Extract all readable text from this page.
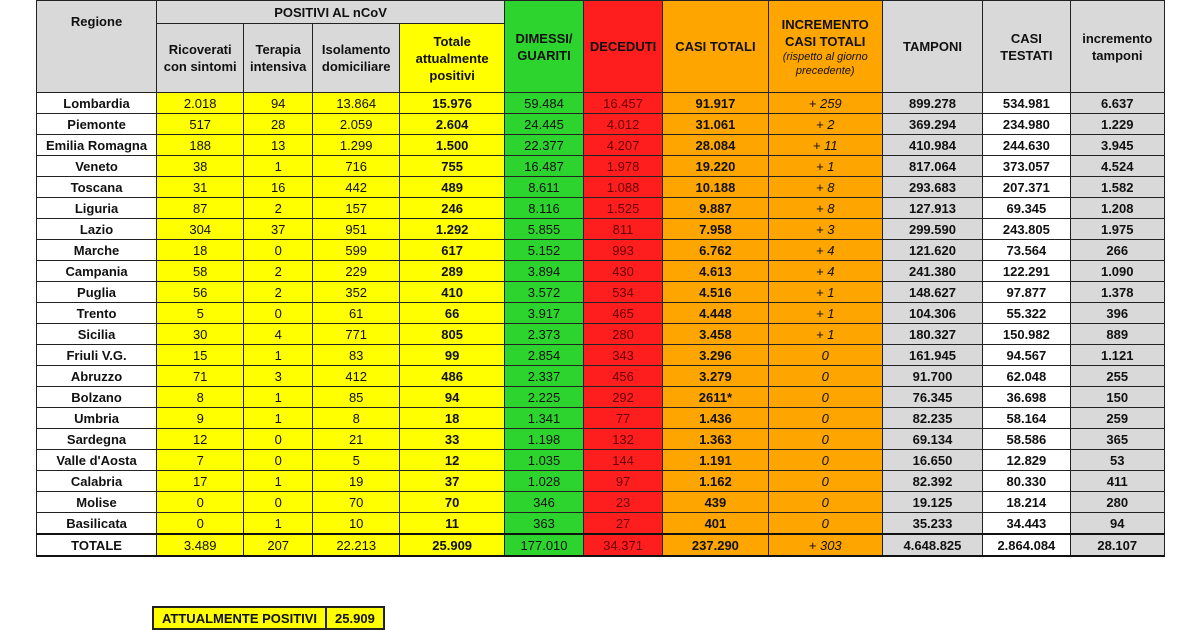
Regione	POSITIVI AL nCoV				DIMESSI/ GUARITI	DECEDUTI	CASI TOTALI	INCREMENTO CASI TOTALI
(rispetto al giorno precedente)	TAMPONI	CASI TESTATI	incremento tamponi
	Ricoverati con sintomi	Terapia intensiva	Isolamento domiciliare	Totale attualmente positivi							
Lombardia	2.018	94	13.864	15.976	59.484	16.457	91.917	+ 259	899.278	534.981	6.637
Piemonte	517	28	2.059	2.604	24.445	4.012	31.061	+ 2	369.294	234.980	1.229
Emilia Romagna	188	13	1.299	1.500	22.377	4.207	28.084	+ 11	410.984	244.630	3.945
Veneto	38	1	716	755	16.487	1.978	19.220	+ 1	817.064	373.057	4.524
Toscana	31	16	442	489	8.611	1.088	10.188	+ 8	293.683	207.371	1.582
Liguria	87	2	157	246	8.116	1.525	9.887	+ 8	127.913	69.345	1.208
Lazio	304	37	951	1.292	5.855	811	7.958	+ 3	299.590	243.805	1.975
Marche	18	0	599	617	5.152	993	6.762	+ 4	121.620	73.564	266
Campania	58	2	229	289	3.894	430	4.613	+ 4	241.380	122.291	1.090
Puglia	56	2	352	410	3.572	534	4.516	+ 1	148.627	97.877	1.378
Trento	5	0	61	66	3.917	465	4.448	+ 1	104.306	55.322	396
Sicilia	30	4	771	805	2.373	280	3.458	+ 1	180.327	150.982	889
Friuli V.G.	15	1	83	99	2.854	343	3.296	0	161.945	94.567	1.121
Abruzzo	71	3	412	486	2.337	456	3.279	0	91.700	62.048	255
Bolzano	8	1	85	94	2.225	292	2611*	0	76.345	36.698	150
Umbria	9	1	8	18	1.341	77	1.436	0	82.235	58.164	259
Sardegna	12	0	21	33	1.198	132	1.363	0	69.134	58.586	365
Valle d'Aosta	7	0	5	12	1.035	144	1.191	0	16.650	12.829	53
Calabria	17	1	19	37	1.028	97	1.162	0	82.392	80.330	411
Molise	0	0	70	70	346	23	439	0	19.125	18.214	280
Basilicata	0	1	10	11	363	27	401	0	35.233	34.443	94
TOTALE	3.489	207	22.213	25.909	177.010	34.371	237.290	+ 303	4.648.825	2.864.084	28.107
ATTUALMENTE POSITIVI	25.909
